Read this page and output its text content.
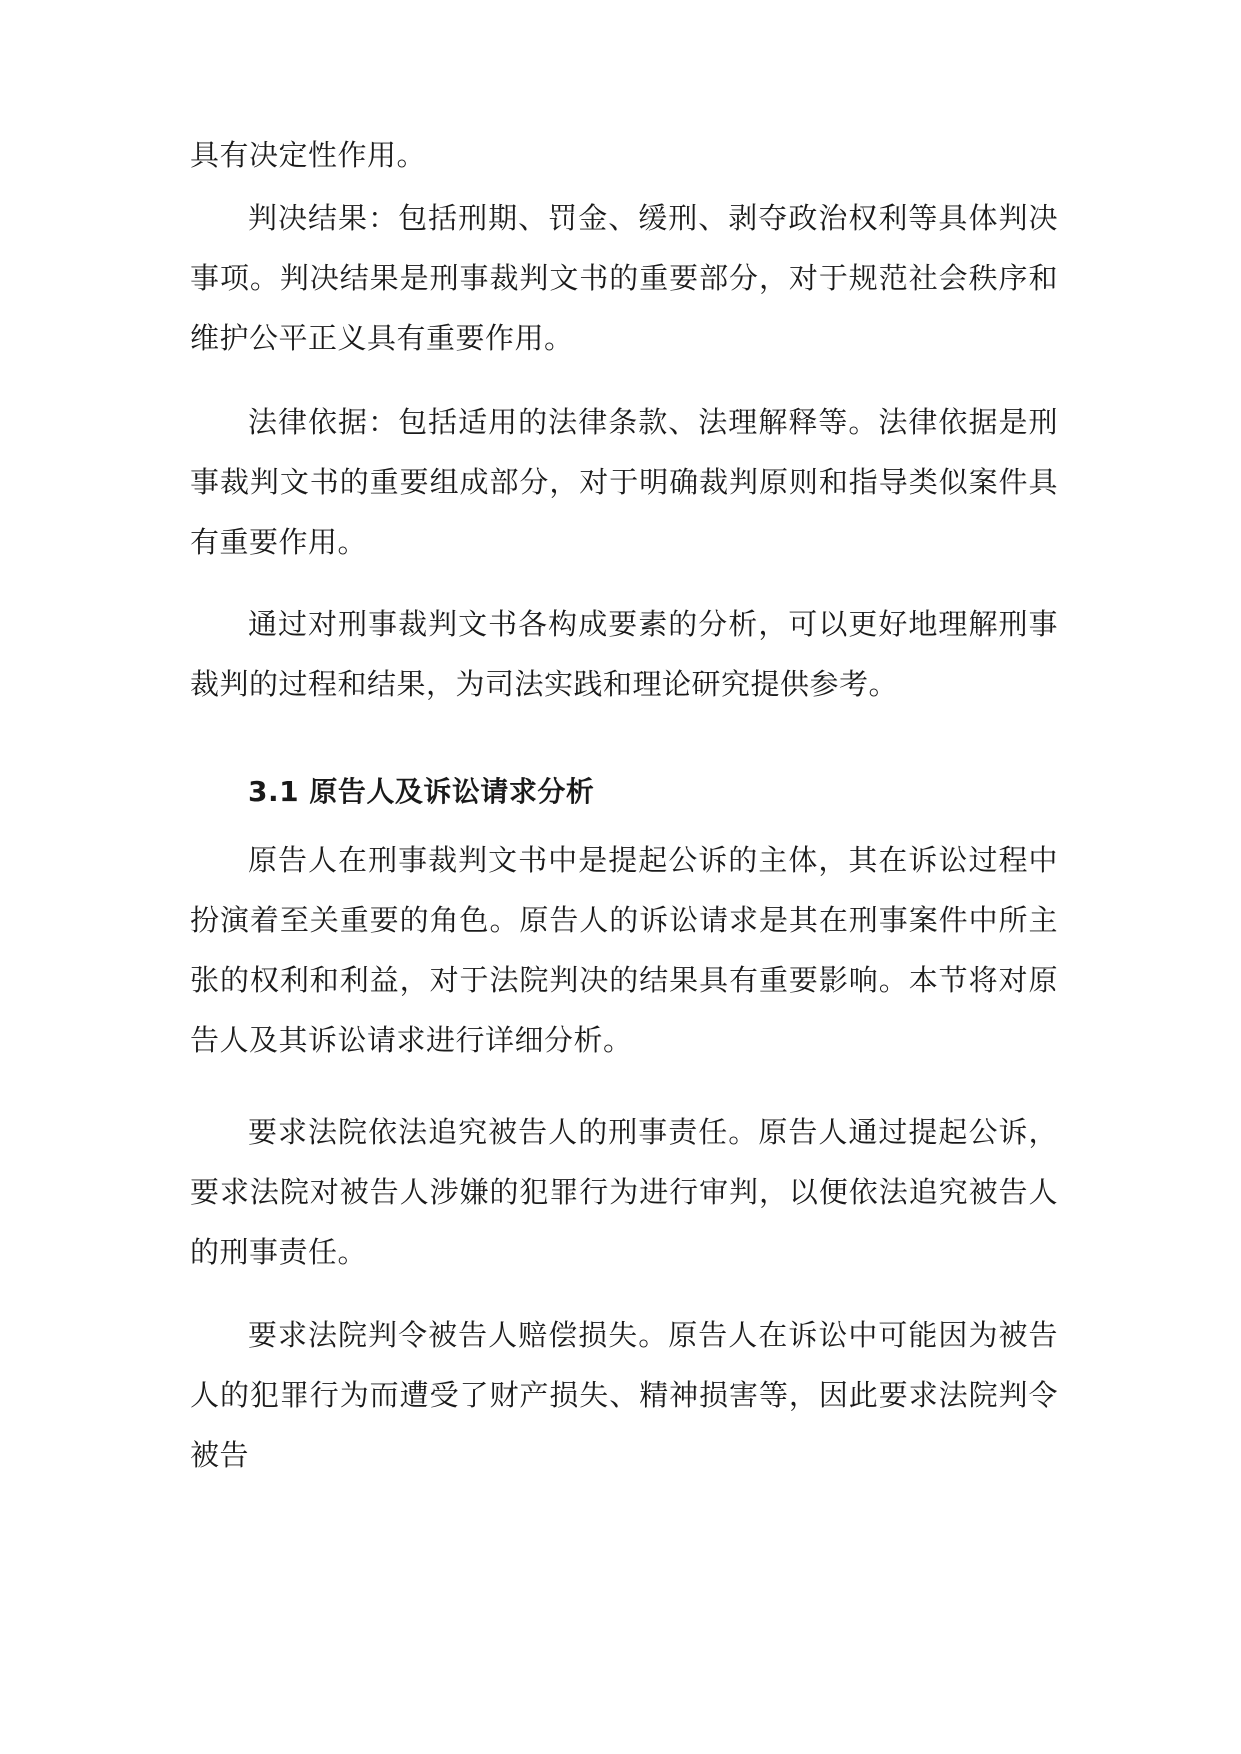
具有决定性作用。

判决结果：包括刑期、罚金、缓刑、剥夺政治权利等具体判决事项。判决结果是刑事裁判文书的重要部分，对于规范社会秩序和维护公平正义具有重要作用。

法律依据：包括适用的法律条款、法理解释等。法律依据是刑事裁判文书的重要组成部分，对于明确裁判原则和指导类似案件具有重要作用。

通过对刑事裁判文书各构成要素的分析，可以更好地理解刑事裁判的过程和结果，为司法实践和理论研究提供参考。

3.1 原告人及诉讼请求分析

原告人在刑事裁判文书中是提起公诉的主体，其在诉讼过程中扮演着至关重要的角色。原告人的诉讼请求是其在刑事案件中所主张的权利和利益，对于法院判决的结果具有重要影响。本节将对原告人及其诉讼请求进行详细分析。

要求法院依法追究被告人的刑事责任。原告人通过提起公诉，要求法院对被告人涉嫌的犯罪行为进行审判，以便依法追究被告人的刑事责任。

要求法院判令被告人赔偿损失。原告人在诉讼中可能因为被告人的犯罪行为而遭受了财产损失、精神损害等，因此要求法院判令被告
